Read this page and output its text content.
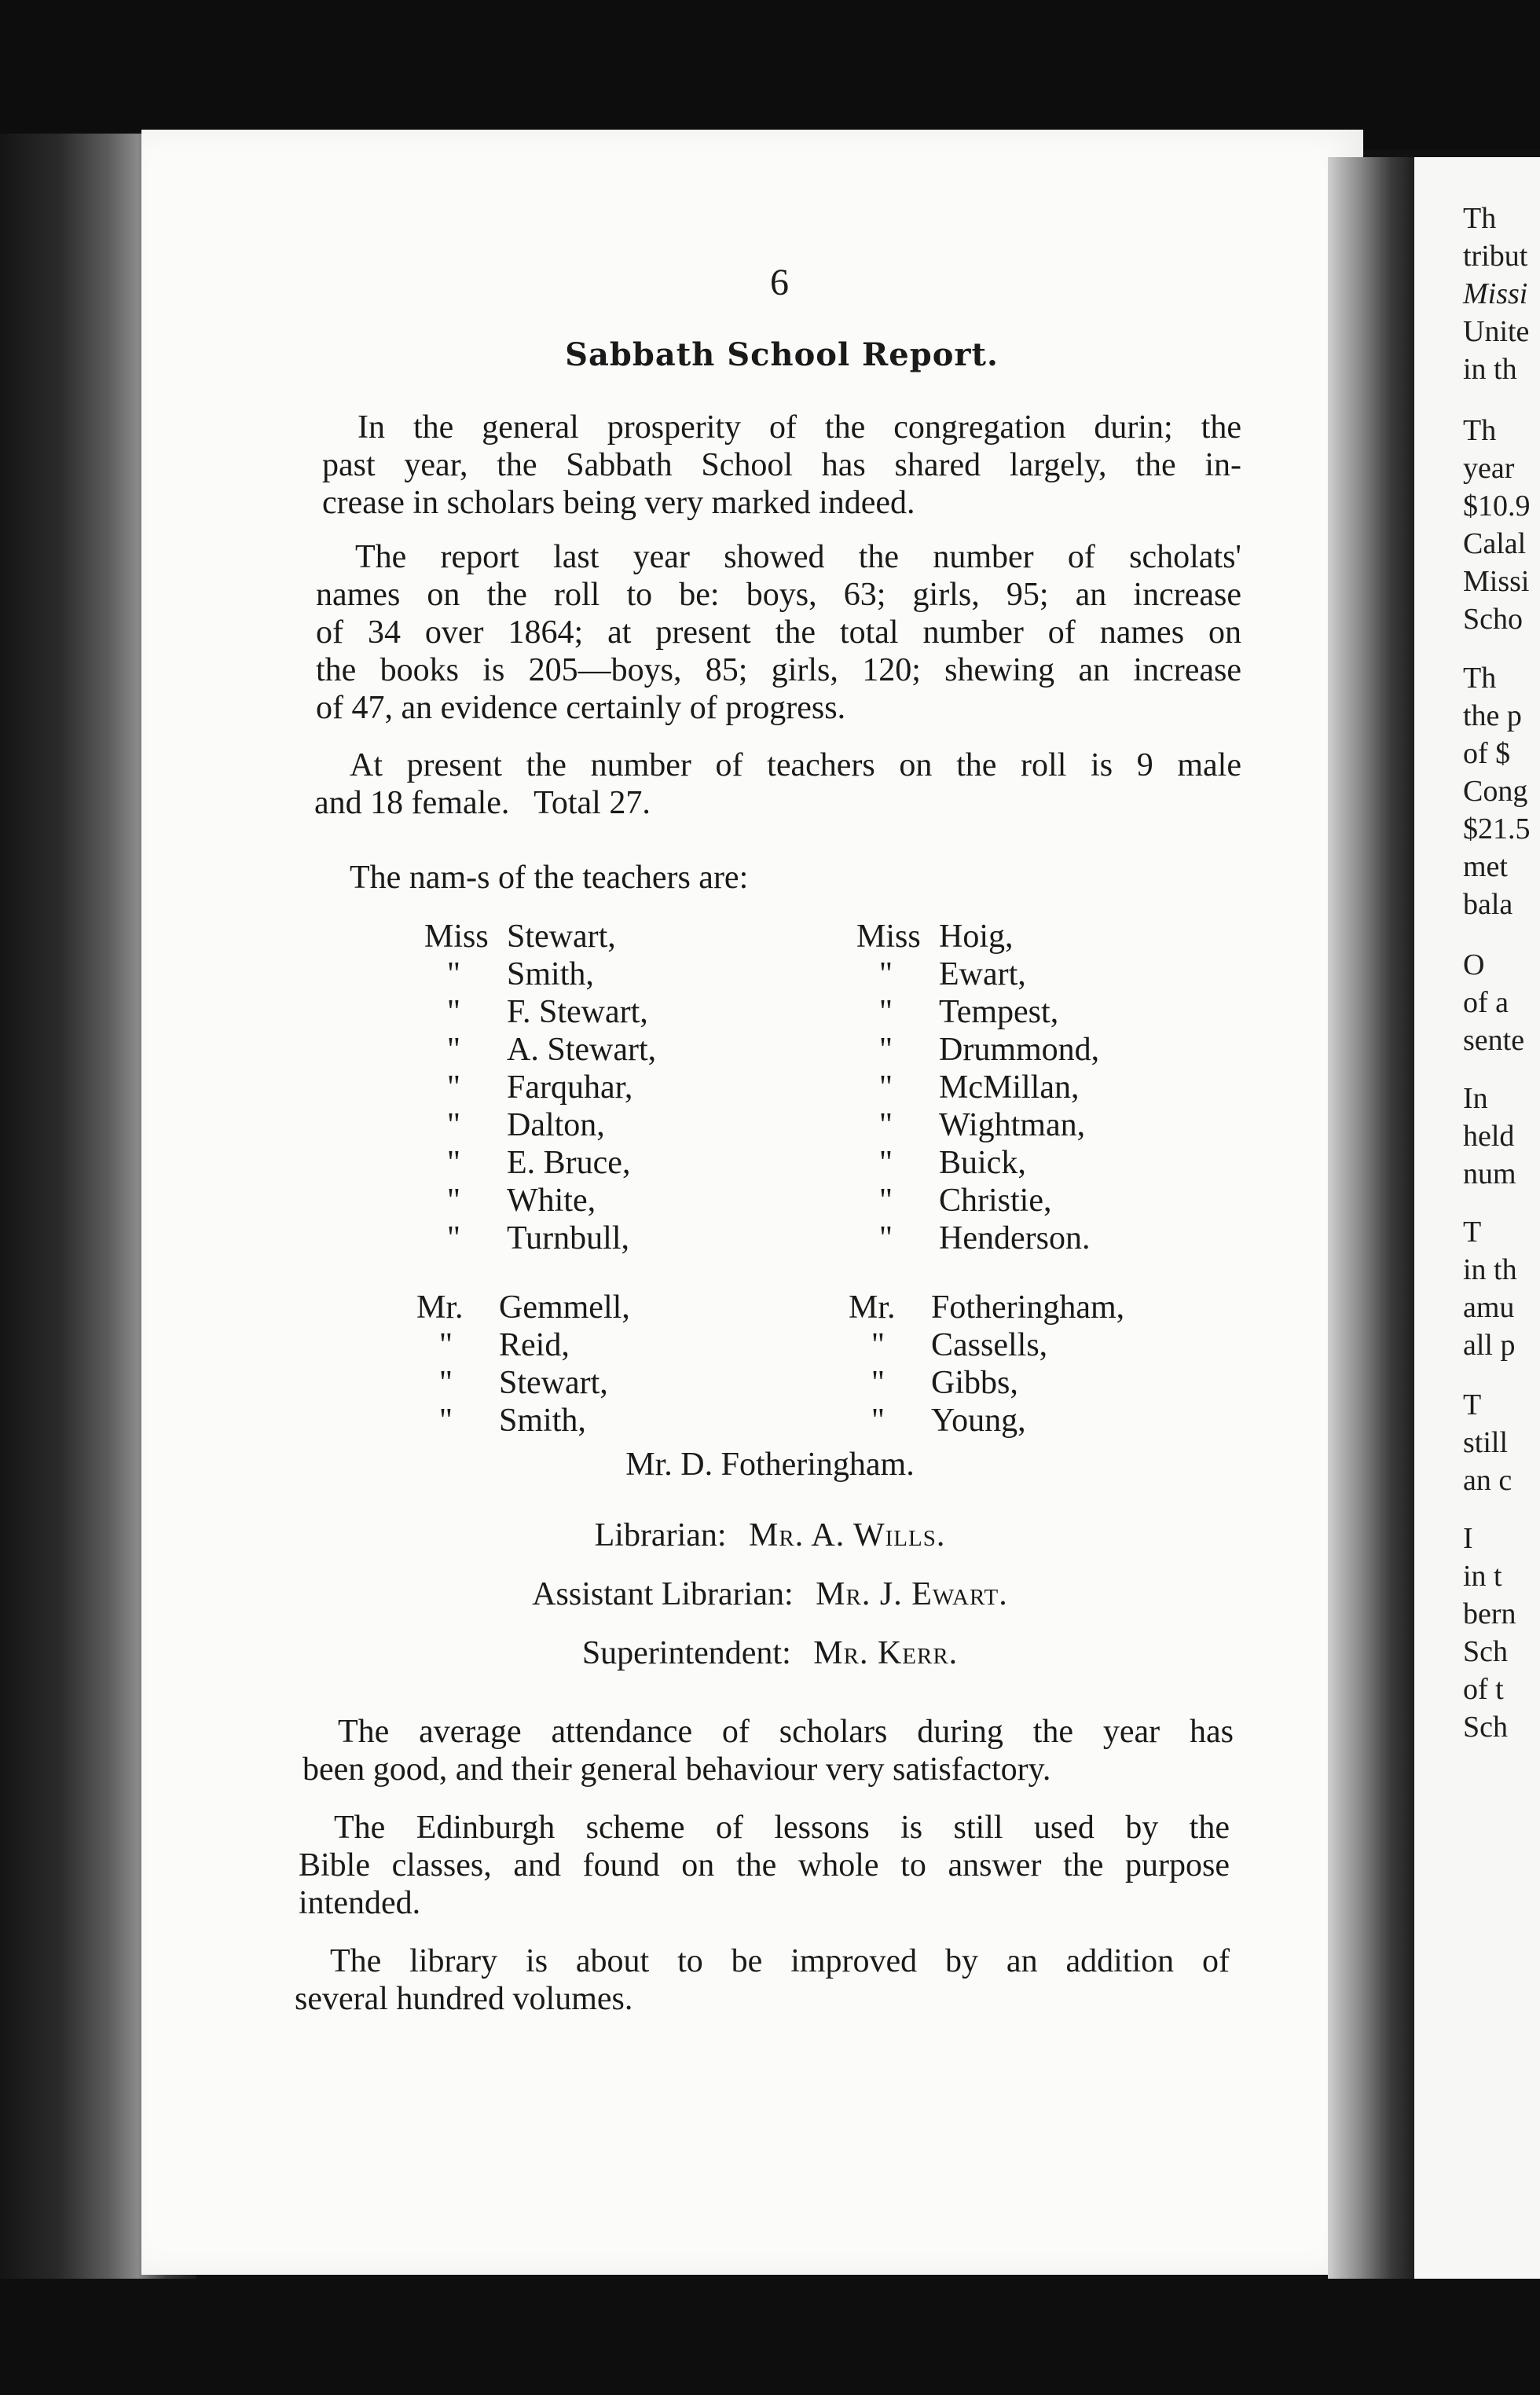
Th
tribut
Missi
Unite
in th
Th
year
$10.9
Calal
Missi
Scho
Th
the p
of $
Cong
$21.5
met
bala
O
of a
sente
In
held
num
T
in th
amu
all p
T
still
an c
I
in t
bern
Sch
of t
Sch
6
Sabbath School Report.
In the general prosperity of the congregation durin; the
past year, the Sabbath School has shared largely, the in-
crease in scholars being very marked indeed.
The report last year showed the number of scholats'
names on the roll to be: boys, 63; girls, 95; an increase
of 34 over 1864; at present the total number of names on
the books is 205—boys, 85; girls, 120; shewing an increase
of 47, an evidence certainly of progress.
At present the number of teachers on the roll is 9 male
and 18 female.   Total 27.
The nam-s of the teachers are:
Miss Stewart,
" Smith,
" F. Stewart,
" A. Stewart,
" Farquhar,
" Dalton,
" E. Bruce,
" White,
" Turnbull,
Miss Hoig,
" Ewart,
" Tempest,
" Drummond,
" McMillan,
" Wightman,
" Buick,
" Christie,
" Henderson.
Mr. Gemmell,
" Reid,
" Stewart,
" Smith,
Mr. Fotheringham,
" Cassells,
" Gibbs,
" Young,
Mr. D. Fotheringham.
Librarian: Mr. A. Wills.
Assistant Librarian: Mr. J. Ewart.
Superintendent: Mr. Kerr.
The average attendance of scholars during the year has
been good, and their general behaviour very satisfactory.
The Edinburgh scheme of lessons is still used by the
Bible classes, and found on the whole to answer the purpose
intended.
The library is about to be improved by an addition of
several hundred volumes.
